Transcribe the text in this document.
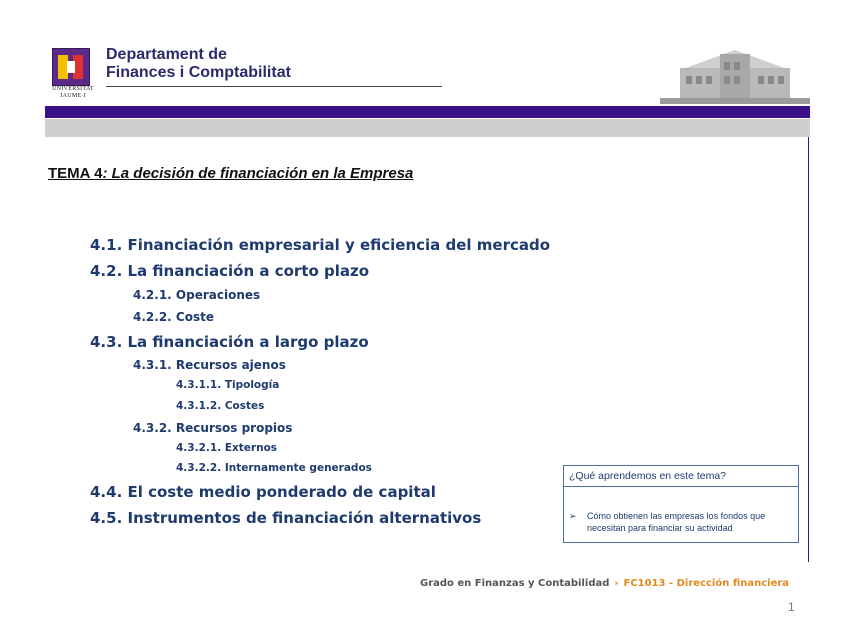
UNIVERSITAT
JAUME·I
Departament de
Finances i Comptabilitat
TEMA 4: La decisión de financiación en la Empresa
4.1. Financiación empresarial y eficiencia del mercado
4.2. La financiación a corto plazo
4.2.1. Operaciones
4.2.2. Coste
4.3. La financiación a largo plazo
4.3.1. Recursos ajenos
4.3.1.1. Tipología
4.3.1.2. Costes
4.3.2. Recursos propios
4.3.2.1. Externos
4.3.2.2. Internamente generados
4.4. El coste medio ponderado de capital
4.5. Instrumentos de financiación alternativos
¿Qué aprendemos en este tema?
➢ Cómo obtienen las empresas los fondos que necesitan para financiar su actividad
Grado en Finanzas y Contabilidad › FC1013 - Dirección financiera
1
